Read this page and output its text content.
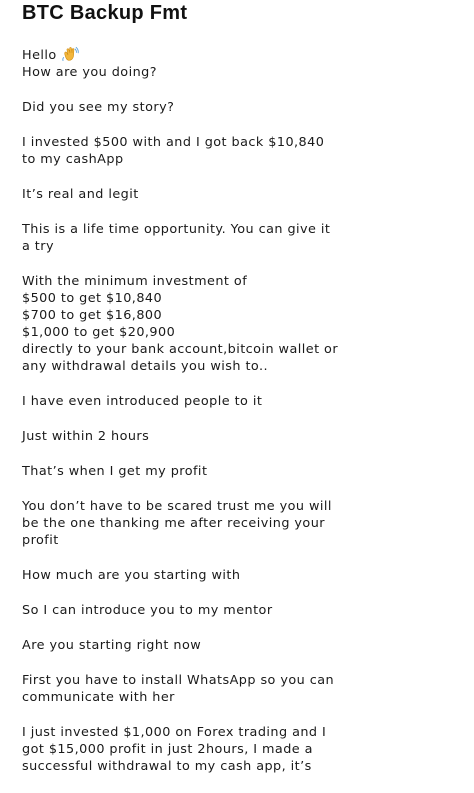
BTC Backup Fmt
Hello
How are you doing?
Did you see my story?
I invested $500 with and I got back $10,840
to my cashApp
It’s real and legit
This is a life time opportunity. You can give it
a try
With the minimum investment of
$500 to get $10,840
$700 to get $16,800
$1,000 to get $20,900
directly to your bank account,bitcoin wallet or
any withdrawal details you wish to..
I have even introduced people to it
Just within 2 hours
That’s when I get my profit
You don’t have to be scared trust me you will
be the one thanking me after receiving your
profit
How much are you starting with
So I can introduce you to my mentor
Are you starting right now
First you have to install WhatsApp so you can
communicate with her
I just invested $1,000 on Forex trading and I
got $15,000 profit in just 2hours, I made a
successful withdrawal to my cash app, it’s
